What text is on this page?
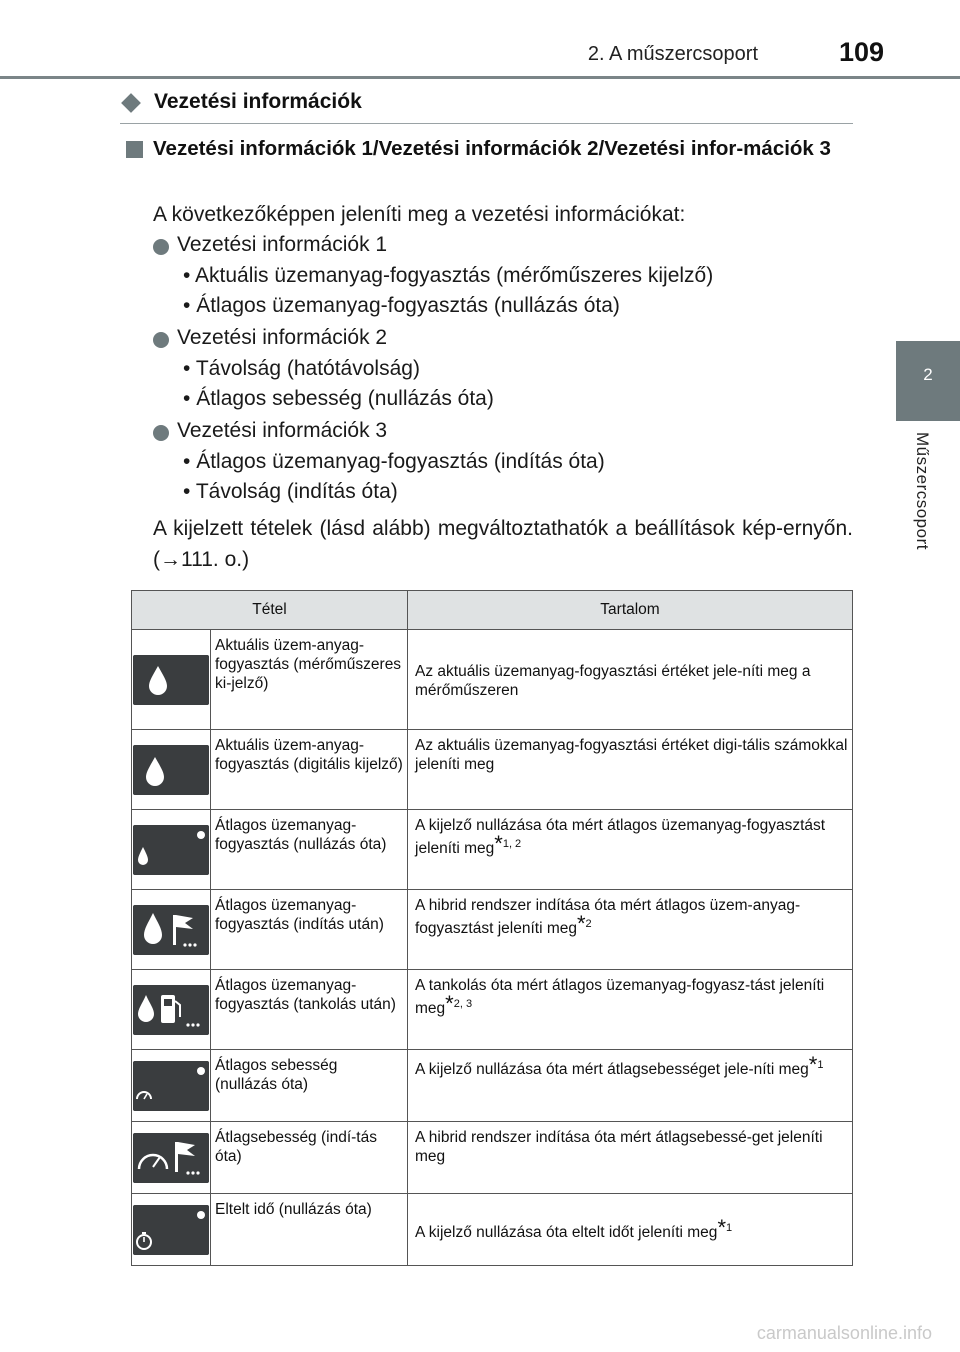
2. A műszercsoport	109
2
Műszercsoport
Vezetési információk
Vezetési információk 1/Vezetési információk 2/Vezetési infor-mációk 3
A következőképpen jeleníti meg a vezetési információkat:
Vezetési információk 1
• Aktuális üzemanyag-fogyasztás (mérőműszeres kijelző)
• Átlagos üzemanyag-fogyasztás (nullázás óta)
Vezetési információk 2
• Távolság (hatótávolság)
• Átlagos sebesség (nullázás óta)
Vezetési információk 3
• Átlagos üzemanyag-fogyasztás (indítás óta)
• Távolság (indítás óta)
A kijelzett tételek (lásd alább) megváltoztathatók a beállítások kép-ernyőn. (→111. o.)
Tétel		Tartalom

	Aktuális üzem-anyag-fogyasztás (mérőműszeres ki-jelző)	Az aktuális üzemanyag-fogyasztási értéket jele-níti meg a mérőműszeren

	Aktuális üzem-anyag-fogyasztás (digitális kijelző)	Az aktuális üzemanyag-fogyasztási értéket digi-tális számokkal jeleníti meg

	Átlagos üzemanyag-fogyasztás (nullázás óta)	A kijelző nullázása óta mért átlagos üzemanyag-fogyasztást jeleníti meg*$^{1, 2}$

	Átlagos üzemanyag-fogyasztás (indítás után)	A hibrid rendszer indítása óta mért átlagos üzem-anyag-fogyasztást jeleníti meg*$^2$

	Átlagos üzemanyag-fogyasztás (tankolás után)	A tankolás óta mért átlagos üzemanyag-fogyasz-tást jeleníti meg*$^{2, 3}$

	Átlagos sebesség (nullázás óta)	A kijelző nullázása óta mért átlagsebességet jele-níti meg*$^1$

	Átlagsebesség (indí-tás óta)	A hibrid rendszer indítása óta mért átlagsebessé-get jeleníti meg

	Eltelt idő (nullázás óta)	A kijelző nullázása óta eltelt időt jeleníti meg*$^1$
carmanualsonline.info
